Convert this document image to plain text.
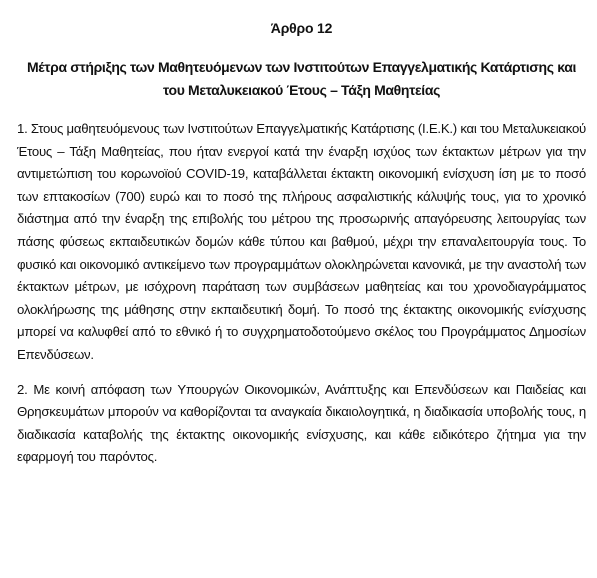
Άρθρο 12
Μέτρα στήριξης των Μαθητευόμενων των Ινστιτούτων Επαγγελματικής Κατάρτισης και του Μεταλυκειακού Έτους – Τάξη Μαθητείας

1. Στους μαθητευόμενους των Ινστιτούτων Επαγγελματικής Κατάρτισης (Ι.Ε.Κ.) και του Μεταλυκειακού Έτους – Τάξη Μαθητείας, που ήταν ενεργοί κατά την έναρξη ισχύος των έκτακτων μέτρων για την αντιμετώπιση του κορωνοϊού COVID-19, καταβάλλεται έκτακτη οικονομική ενίσχυση ίση με το ποσό των επτακοσίων (700) ευρώ και το ποσό της πλήρους ασφαλιστικής κάλυψής τους, για το χρονικό διάστημα από την έναρξη της επιβολής του μέτρου της προσωρινής απαγόρευσης λειτουργίας των πάσης φύσεως εκπαιδευτικών δομών κάθε τύπου και βαθμού, μέχρι την επαναλειτουργία τους. Το φυσικό και οικονομικό αντικείμενο των προγραμμάτων ολοκληρώνεται κανονικά, με την αναστολή των έκτακτων μέτρων, με ισόχρονη παράταση των συμβάσεων μαθητείας και του χρονοδιαγράμματος ολοκλήρωσης της μάθησης στην εκπαιδευτική δομή. Το ποσό της έκτακτης οικονομικής ενίσχυσης μπορεί να καλυφθεί από το εθνικό ή το συγχρηματοδοτούμενο σκέλος του Προγράμματος Δημοσίων Επενδύσεων.

2. Με κοινή απόφαση των Υπουργών Οικονομικών, Ανάπτυξης και Επενδύσεων και Παιδείας και Θρησκευμάτων μπορούν να καθορίζονται τα αναγκαία δικαιολογητικά, η διαδικασία υποβολής τους, η διαδικασία καταβολής της έκτακτης οικονομικής ενίσχυσης, και κάθε ειδικότερο ζήτημα για την εφαρμογή του παρόντος.
